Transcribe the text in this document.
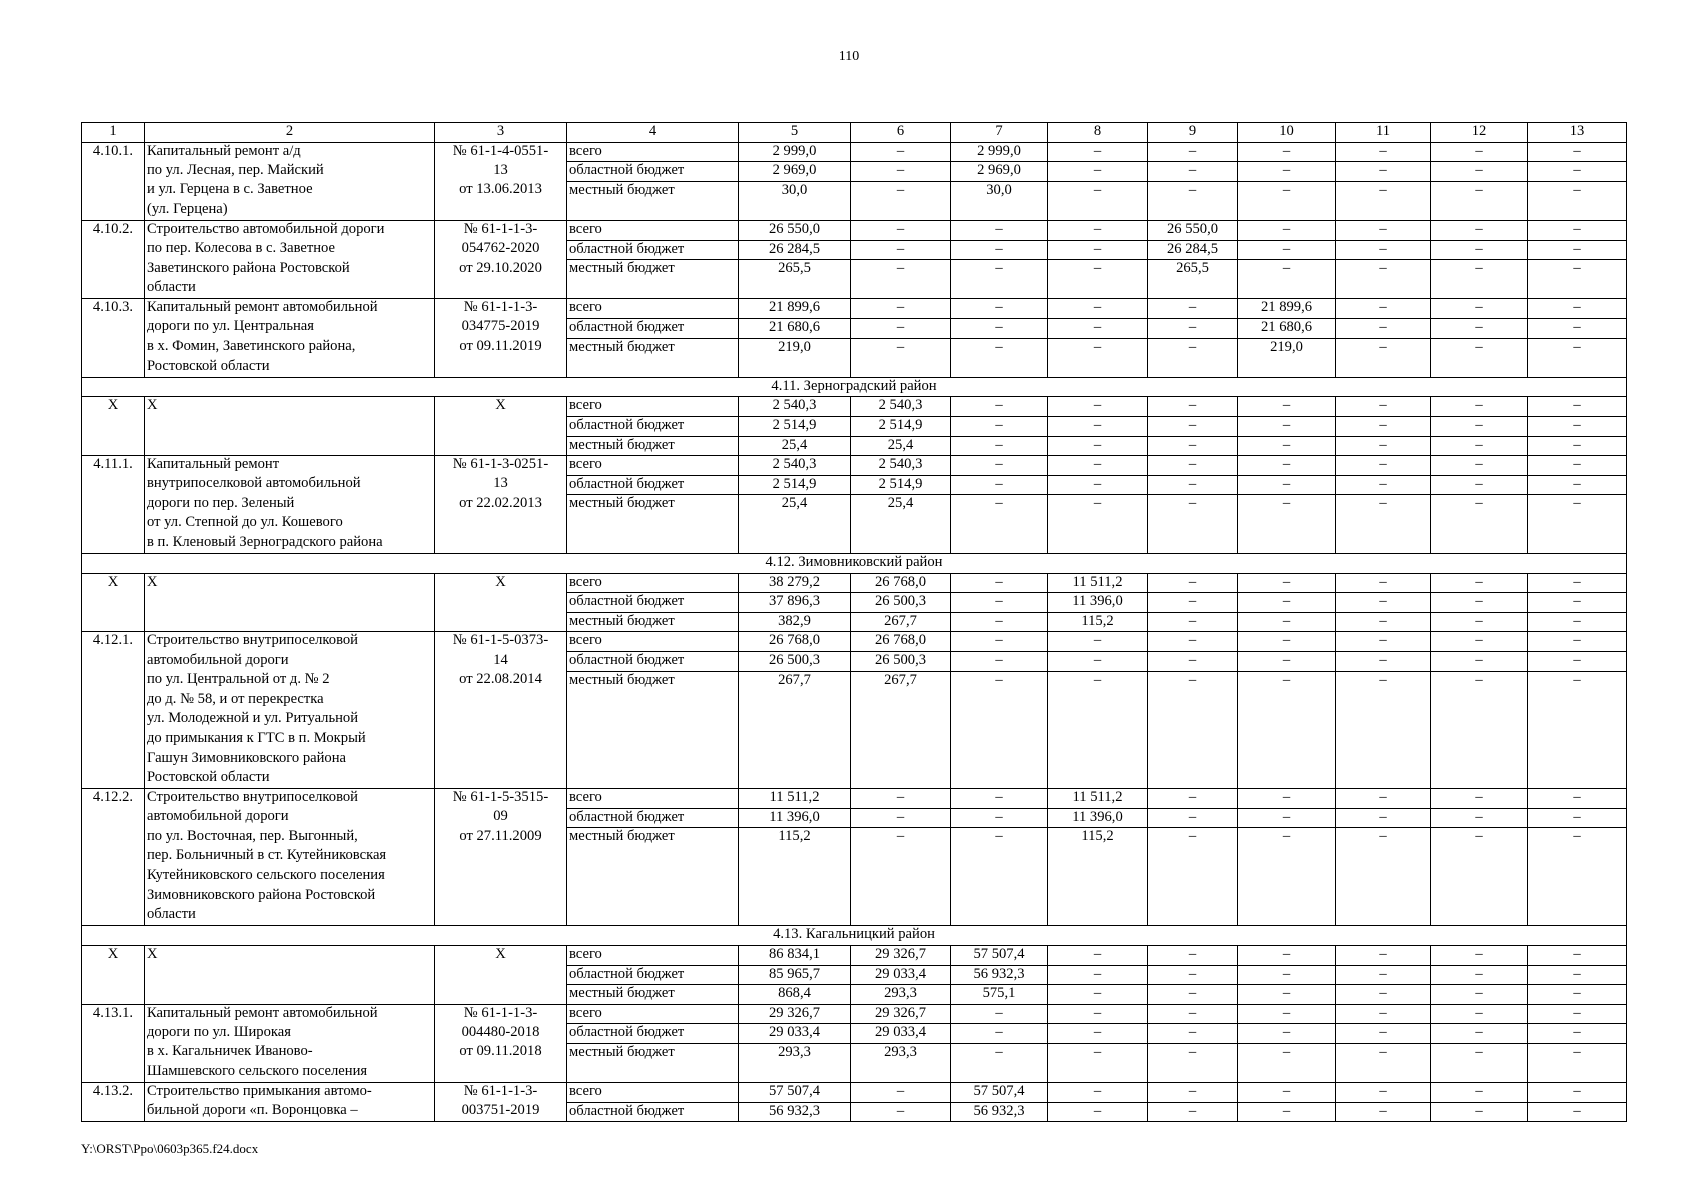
110
1	2	3	4	5	6	7	8	9	10	11	12	13
4.10.1.	Капитальный ремонт а/д	№ 61-1-4-0551-	всего	2 999,0	–	2 999,0	–	–	–	–	–	–
	по ул. Лесная, пер. Майский	13	областной бюджет	2 969,0	–	2 969,0	–	–	–	–	–	–
	и ул. Герцена в с. Заветное	от 13.06.2013	местный бюджет	30,0	–	30,0	–	–	–	–	–	–
	(ул. Герцена)											
4.10.2.	Строительство автомобильной дороги	№ 61-1-1-3-	всего	26 550,0	–	–	–	26 550,0	–	–	–	–
	по пер. Колесова в с. Заветное	054762-2020	областной бюджет	26 284,5	–	–	–	26 284,5	–	–	–	–
	Заветинского района Ростовской	от 29.10.2020	местный бюджет	265,5	–	–	–	265,5	–	–	–	–
	области											
4.10.3.	Капитальный ремонт автомобильной	№ 61-1-1-3-	всего	21 899,6	–	–	–	–	21 899,6	–	–	–
	дороги по ул. Центральная	034775-2019	областной бюджет	21 680,6	–	–	–	–	21 680,6	–	–	–
	в х. Фомин, Заветинского района,	от 09.11.2019	местный бюджет	219,0	–	–	–	–	219,0	–	–	–
	Ростовской области											
4.11. Зерноградский район												
X	X	X	всего	2 540,3	2 540,3	–	–	–	–	–	–	–
			областной бюджет	2 514,9	2 514,9	–	–	–	–	–	–	–
			местный бюджет	25,4	25,4	–	–	–	–	–	–	–
4.11.1.	Капитальный ремонт	№ 61-1-3-0251-	всего	2 540,3	2 540,3	–	–	–	–	–	–	–
	внутрипоселковой автомобильной	13	областной бюджет	2 514,9	2 514,9	–	–	–	–	–	–	–
	дороги по пер. Зеленый	от 22.02.2013	местный бюджет	25,4	25,4	–	–	–	–	–	–	–
	от ул. Степной до ул. Кошевого											
	в п. Кленовый Зерноградского района											
4.12. Зимовниковский район												
X	X	X	всего	38 279,2	26 768,0	–	11 511,2	–	–	–	–	–
			областной бюджет	37 896,3	26 500,3	–	11 396,0	–	–	–	–	–
			местный бюджет	382,9	267,7	–	115,2	–	–	–	–	–
4.12.1.	Строительство внутрипоселковой	№ 61-1-5-0373-	всего	26 768,0	26 768,0	–	–	–	–	–	–	–
	автомобильной дороги	14	областной бюджет	26 500,3	26 500,3	–	–	–	–	–	–	–
	по ул. Центральной от д. № 2	от 22.08.2014	местный бюджет	267,7	267,7	–	–	–	–	–	–	–
	до д. № 58, и от перекрестка											
	ул. Молодежной и ул. Ритуальной											
	до примыкания к ГТС в п. Мокрый											
	Гашун Зимовниковского района											
	Ростовской области											
4.12.2.	Строительство внутрипоселковой	№ 61-1-5-3515-	всего	11 511,2	–	–	11 511,2	–	–	–	–	–
	автомобильной дороги	09	областной бюджет	11 396,0	–	–	11 396,0	–	–	–	–	–
	по ул. Восточная, пер. Выгонный,	от 27.11.2009	местный бюджет	115,2	–	–	115,2	–	–	–	–	–
	пер. Больничный в ст. Кутейниковская											
	Кутейниковского сельского поселения											
	Зимовниковского района Ростовской											
	области											
4.13. Кагальницкий район												
X	X	X	всего	86 834,1	29 326,7	57 507,4	–	–	–	–	–	–
			областной бюджет	85 965,7	29 033,4	56 932,3	–	–	–	–	–	–
			местный бюджет	868,4	293,3	575,1	–	–	–	–	–	–
4.13.1.	Капитальный ремонт автомобильной	№ 61-1-1-3-	всего	29 326,7	29 326,7	–	–	–	–	–	–	–
	дороги по ул. Широкая	004480-2018	областной бюджет	29 033,4	29 033,4	–	–	–	–	–	–	–
	в х. Кагальничек Иваново-	от 09.11.2018	местный бюджет	293,3	293,3	–	–	–	–	–	–	–
	Шамшевского сельского поселения											
4.13.2.	Строительство примыкания автомо-	№ 61-1-1-3-	всего	57 507,4	–	57 507,4	–	–	–	–	–	–
	бильной дороги «п. Воронцовка –	003751-2019	областной бюджет	56 932,3	–	56 932,3	–	–	–	–	–	–
Y:\ORST\Ppo\0603p365.f24.docx
